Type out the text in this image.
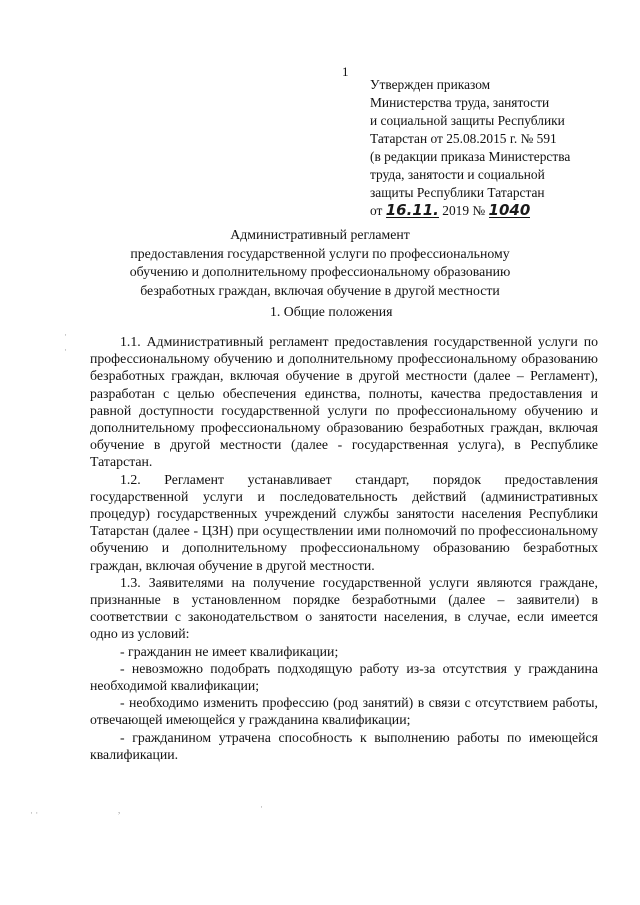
1
Утвержден приказом
Министерства труда, занятости
и социальной защиты Республики
Татарстан от 25.08.2015 г. № 591
(в редакции приказа Министерства
труда, занятости и социальной
защиты Республики Татарстан
от 16.11. 2019 № 1040
Административный регламент
предоставления государственной услуги по профессиональному
обучению и дополнительному профессиональному образованию
безработных граждан, включая обучение в другой местности
1. Общие положения

1.1. Административный регламент предоставления государственной услуги по профессиональному обучению и дополнительному профессиональному образованию безработных граждан, включая обучение в другой местности (далее – Регламент), разработан с целью обеспечения единства, полноты, качества предоставления и равной доступности государственной услуги по профессиональному обучению и дополнительному профессиональному образованию безработных граждан, включая обучение в другой местности (далее - государственная услуга), в Республике Татарстан.

1.2. Регламент устанавливает стандарт, порядок предоставления государственной услуги и последовательность действий (административных процедур) государственных учреждений службы занятости населения Республики Татарстан (далее - ЦЗН) при осуществлении ими полномочий по профессиональному обучению и дополнительному профессиональному образованию безработных граждан, включая обучение в другой местности.

1.3. Заявителями на получение государственной услуги являются граждане, признанные в установленном порядке безработными (далее – заявители) в соответствии с законодательством о занятости населения, в случае, если имеется одно из условий:

- гражданин не имеет квалификации;

- невозможно подобрать подходящую работу из-за отсутствия у гражданина необходимой квалификации;

- необходимо изменить профессию (род занятий) в связи с отсутствием работы, отвечающей имеющейся у гражданина квалификации;

- гражданином утрачена способность к выполнению работы по имеющейся квалификации.

·
·
· ·	,	·
